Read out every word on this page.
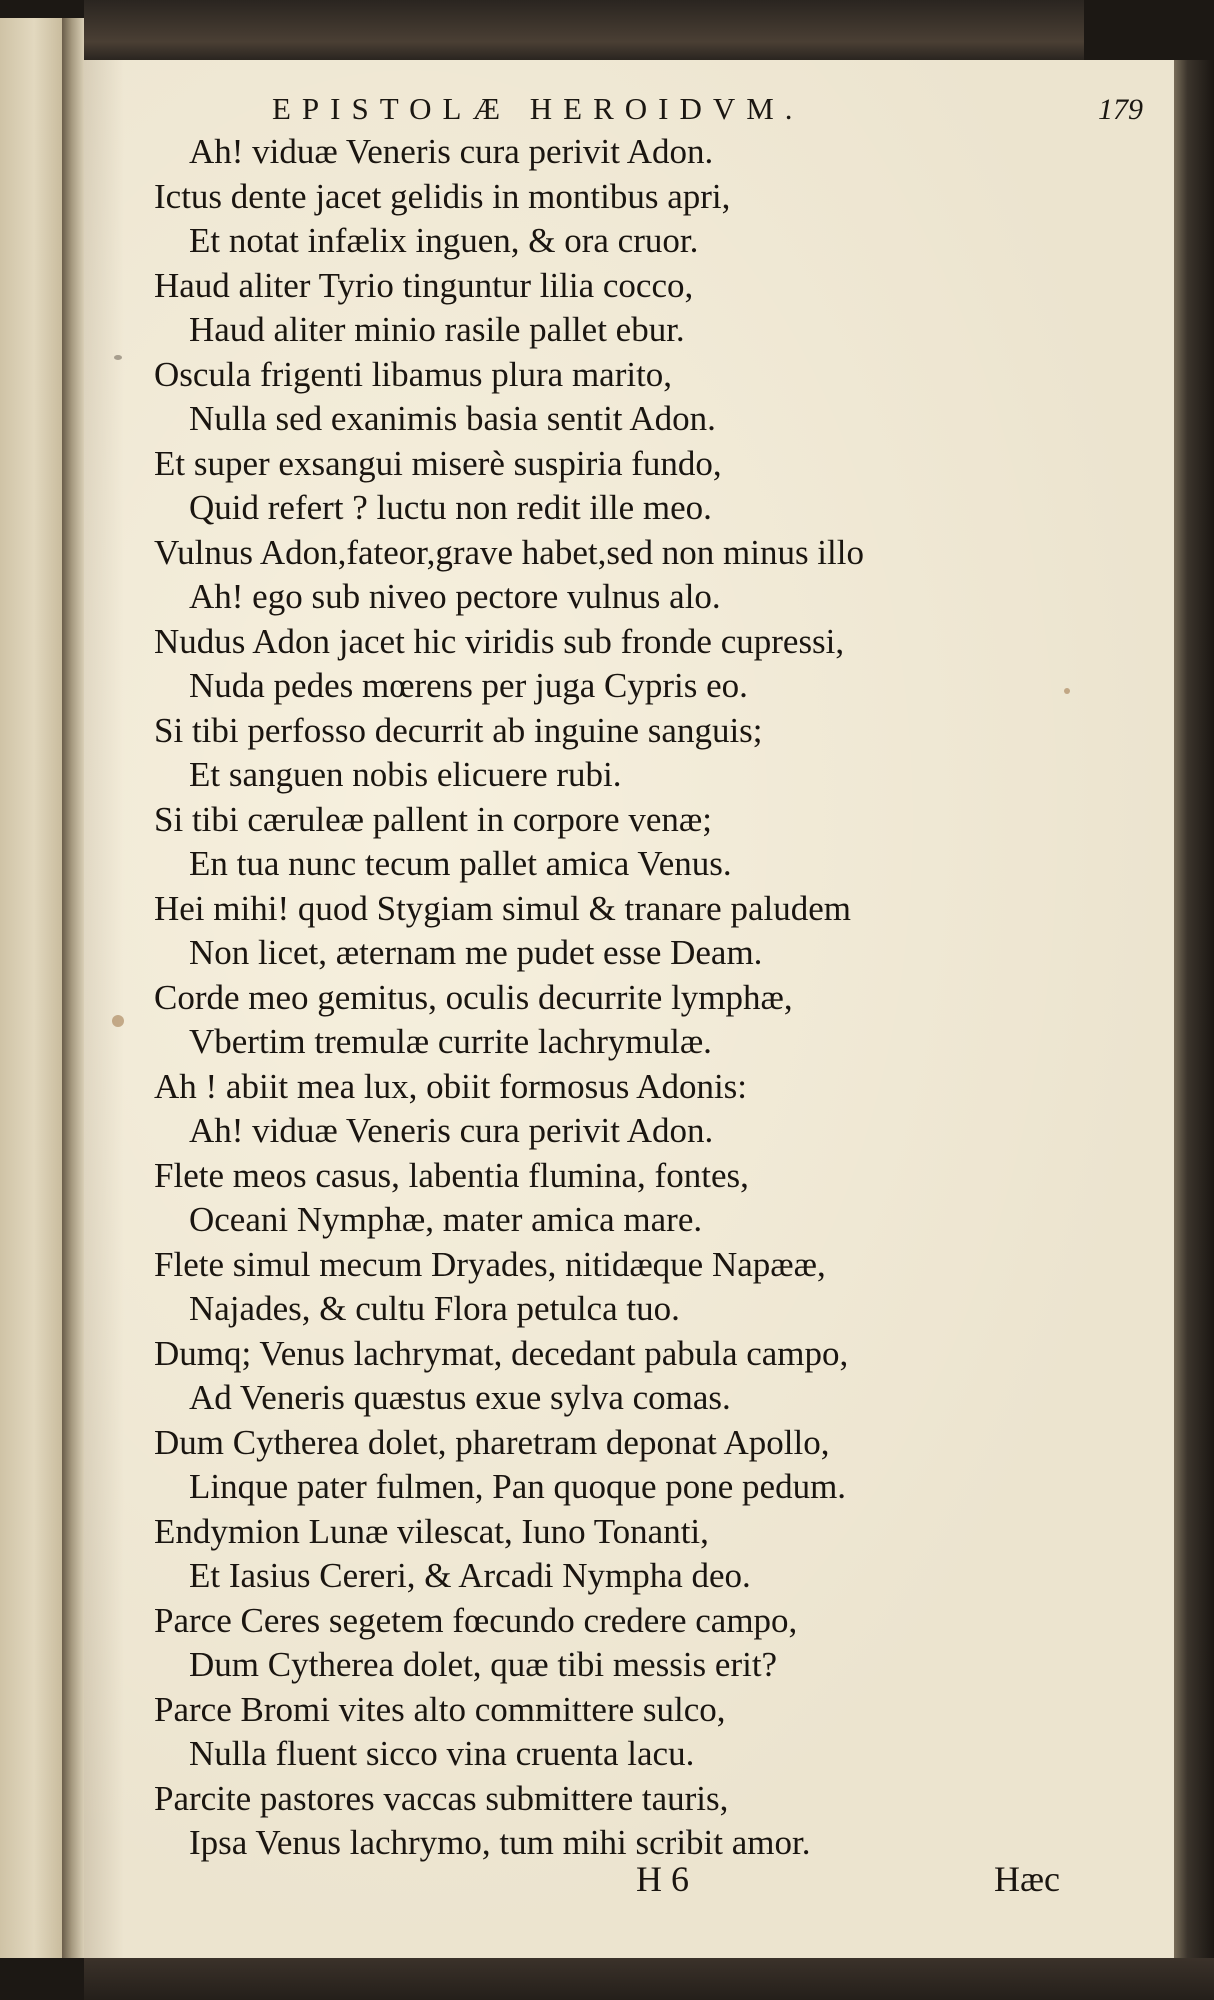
EPISTOLÆ HEROIDVM.	179
Ah! viduæ Veneris cura perivit Adon.
Ictus dente jacet gelidis in montibus apri,
Et notat infælix inguen, & ora cruor.
Haud aliter Tyrio tinguntur lilia cocco,
Haud aliter minio rasile pallet ebur.
Oscula frigenti libamus plura marito,
Nulla sed exanimis basia sentit Adon.
Et super exsangui miserè suspiria fundo,
Quid refert ? luctu non redit ille meo.
Vulnus Adon,fateor,grave habet,sed non minus illo
Ah! ego sub niveo pectore vulnus alo.
Nudus Adon jacet hic viridis sub fronde cupressi,
Nuda pedes mœrens per juga Cypris eo.
Si tibi perfosso decurrit ab inguine sanguis;
Et sanguen nobis elicuere rubi.
Si tibi cæruleæ pallent in corpore venæ;
En tua nunc tecum pallet amica Venus.
Hei mihi! quod Stygiam simul & tranare paludem
Non licet, æternam me pudet esse Deam.
Corde meo gemitus, oculis decurrite lymphæ,
Vbertim tremulæ currite lachrymulæ.
Ah ! abiit mea lux, obiit formosus Adonis:
Ah! viduæ Veneris cura perivit Adon.
Flete meos casus, labentia flumina, fontes,
Oceani Nymphæ, mater amica mare.
Flete simul mecum Dryades, nitidæque Napææ,
Najades, & cultu Flora petulca tuo.
Dumq; Venus lachrymat, decedant pabula campo,
Ad Veneris quæstus exue sylva comas.
Dum Cytherea dolet, pharetram deponat Apollo,
Linque pater fulmen, Pan quoque pone pedum.
Endymion Lunæ vilescat, Iuno Tonanti,
Et Iasius Cereri, & Arcadi Nympha deo.
Parce Ceres segetem fœcundo credere campo,
Dum Cytherea dolet, quæ tibi messis erit?
Parce Bromi vites alto committere sulco,
Nulla fluent sicco vina cruenta lacu.
Parcite pastores vaccas submittere tauris,
Ipsa Venus lachrymo, tum mihi scribit amor.
H 6	Hæc
